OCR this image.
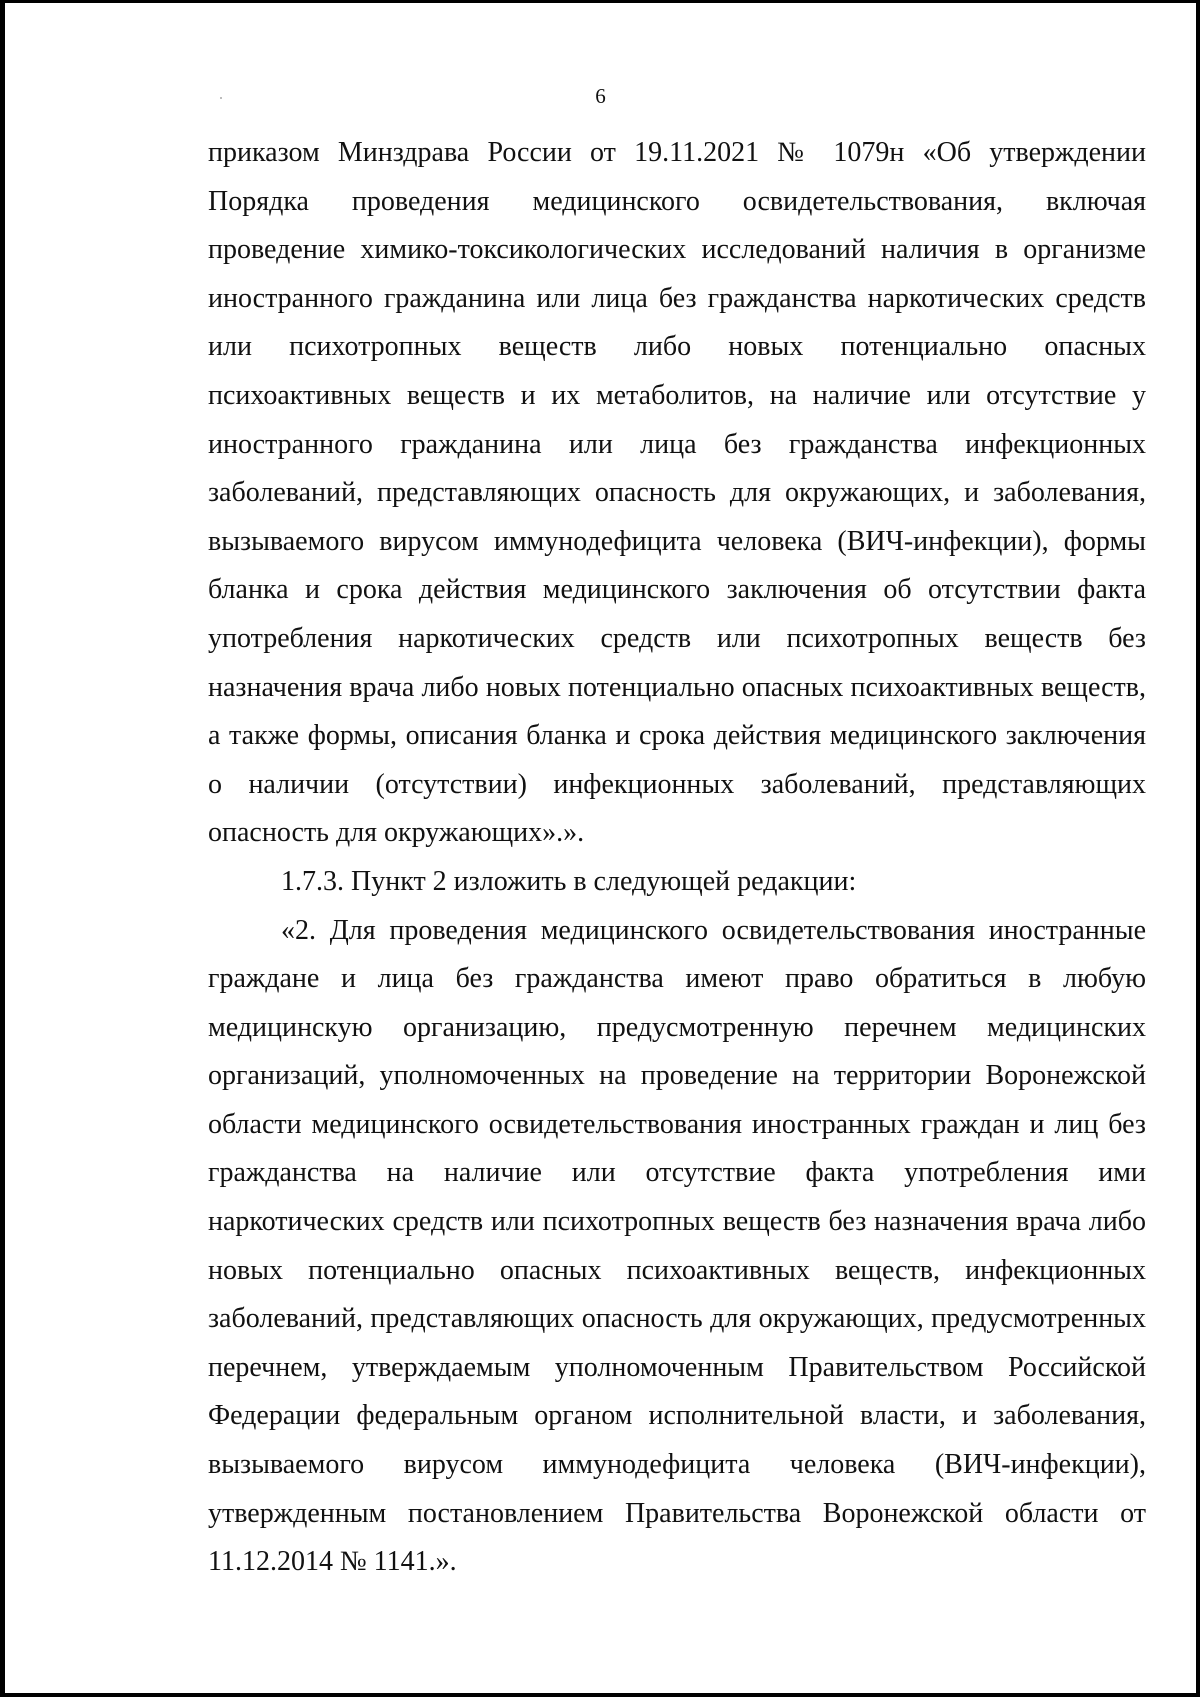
6

приказом Минздрава России от 19.11.2021 № 1079н «Об утверждении Порядка проведения медицинского освидетельствования, включая проведение химико-токсикологических исследований наличия в организме иностранного гражданина или лица без гражданства наркотических средств или психотропных веществ либо новых потенциально опасных психоактивных веществ и их метаболитов, на наличие или отсутствие у иностранного гражданина или лица без гражданства инфекционных заболеваний, представляющих опасность для окружающих, и заболевания, вызываемого вирусом иммунодефицита человека (ВИЧ-инфекции), формы бланка и срока действия медицинского заключения об отсутствии факта употребления наркотических средств или психотропных веществ без назначения врача либо новых потенциально опасных психоактивных веществ, а также формы, описания бланка и срока действия медицинского заключения о наличии (отсутствии) инфекционных заболеваний, представляющих опасность для окружающих».».

1.7.3. Пункт 2 изложить в следующей редакции:

«2. Для проведения медицинского освидетельствования иностранные граждане и лица без гражданства имеют право обратиться в любую медицинскую организацию, предусмотренную перечнем медицинских организаций, уполномоченных на проведение на территории Воронежской области медицинского освидетельствования иностранных граждан и лиц без гражданства на наличие или отсутствие факта употребления ими наркотических средств или психотропных веществ без назначения врача либо новых потенциально опасных психоактивных веществ, инфекционных заболеваний, представляющих опасность для окружающих, предусмотренных перечнем, утверждаемым уполномоченным Правительством Российской Федерации федеральным органом исполнительной власти, и заболевания, вызываемого вирусом иммунодефицита человека (ВИЧ-инфекции), утвержденным постановлением Правительства Воронежской области от 11.12.2014 № 1141.».
